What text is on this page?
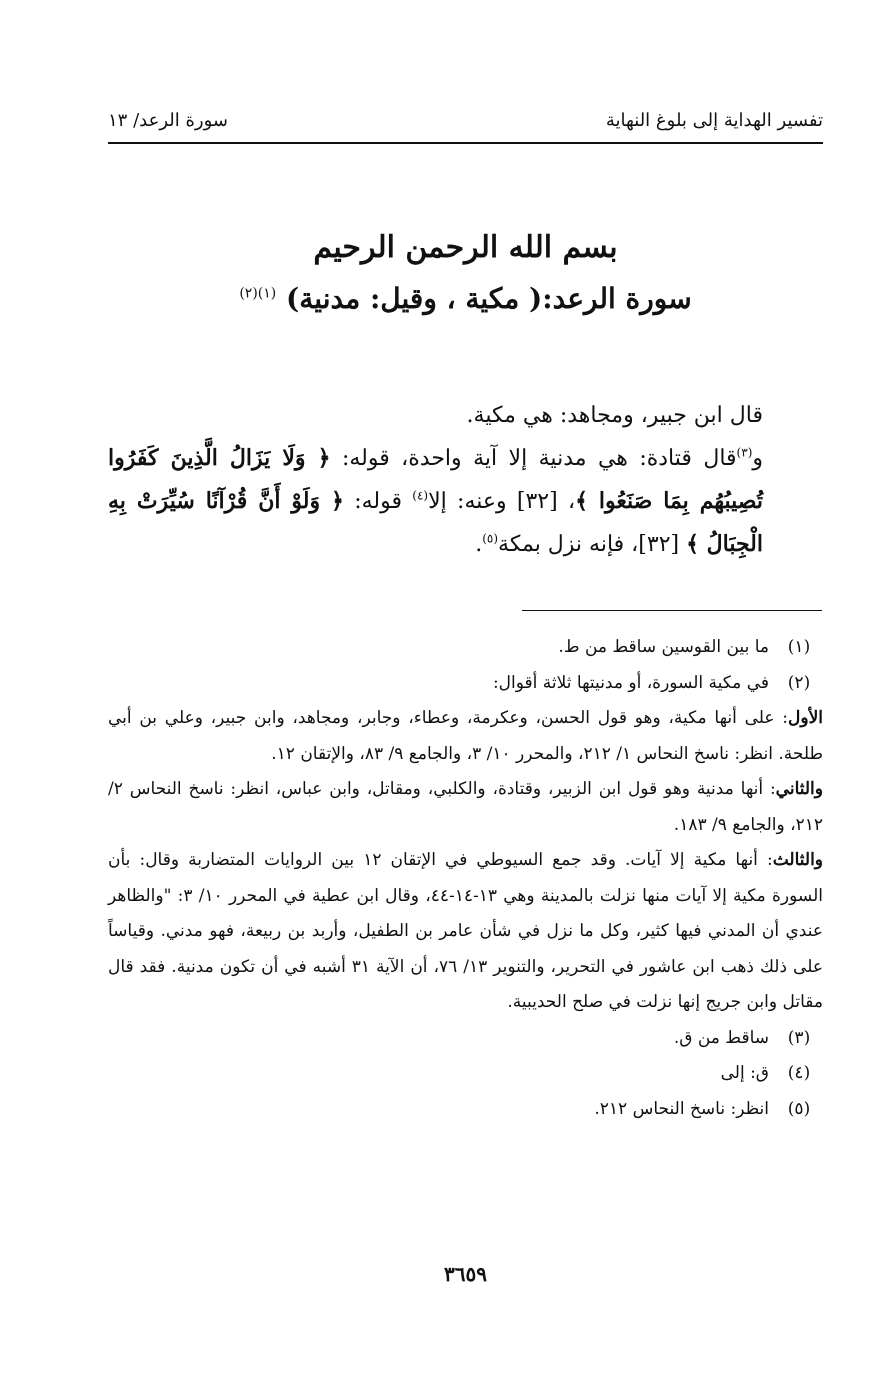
تفسير الهداية إلى بلوغ النهاية
سورة الرعد/ ١٣
بسم الله الرحمن الرحيم
سورة الرعد:( مكية ، وقيل: مدنية) $^{(١)(٢)}$

قال ابن جبير، ومجاهد: هي مكية.

و$^{(٣)}$قال قتادة: هي مدنية إلا آية واحدة، قوله: ﴿ وَلَا يَزَالُ الَّذِينَ كَفَرُوا تُصِيبُهُم بِمَا صَنَعُوا ﴾، [٣٢] وعنه: إلا$^{(٤)}$ قوله: ﴿ وَلَوْ أَنَّ قُرْآنًا سُيِّرَتْ بِهِ الْجِبَالُ ﴾ [٣٢]، فإنه نزل بمكة$^{(٥)}$.

(١)
ما بين القوسين ساقط من ط.
(٢)
في مكية السورة، أو مدنيتها ثلاثة أقوال:

الأول: على أنها مكية، وهو قول الحسن، وعكرمة، وعطاء، وجابر، ومجاهد، وابن جبير، وعلي بن أبي طلحة. انظر: ناسخ النحاس ١/ ٢١٢، والمحرر ١٠/ ٣، والجامع ٩/ ٨٣، والإتقان ١٢.

والثاني: أنها مدنية وهو قول ابن الزبير، وقتادة، والكلبي، ومقاتل، وابن عباس، انظر: ناسخ النحاس ٢/ ٢١٢، والجامع ٩/ ١٨٣.

والثالث: أنها مكية إلا آيات. وقد جمع السيوطي في الإتقان ١٢ بين الروايات المتضاربة وقال: بأن السورة مكية إلا آيات منها نزلت بالمدينة وهي ١٣-١٤-٤٤، وقال ابن عطية في المحرر ١٠/ ٣: "والظاهر عندي أن المدني فيها كثير، وكل ما نزل في شأن عامر بن الطفيل، وأربد بن ربيعة، فهو مدني. وقياساً على ذلك ذهب ابن عاشور في التحرير، والتنوير ١٣/ ٧٦، أن الآية ٣١ أشبه في أن تكون مدنية. فقد قال مقاتل وابن جريج إنها نزلت في صلح الحديبية.

(٣)
ساقط من ق.
(٤)
ق: إلى
(٥)
انظر: ناسخ النحاس ٢١٢.
٣٦٥٩
